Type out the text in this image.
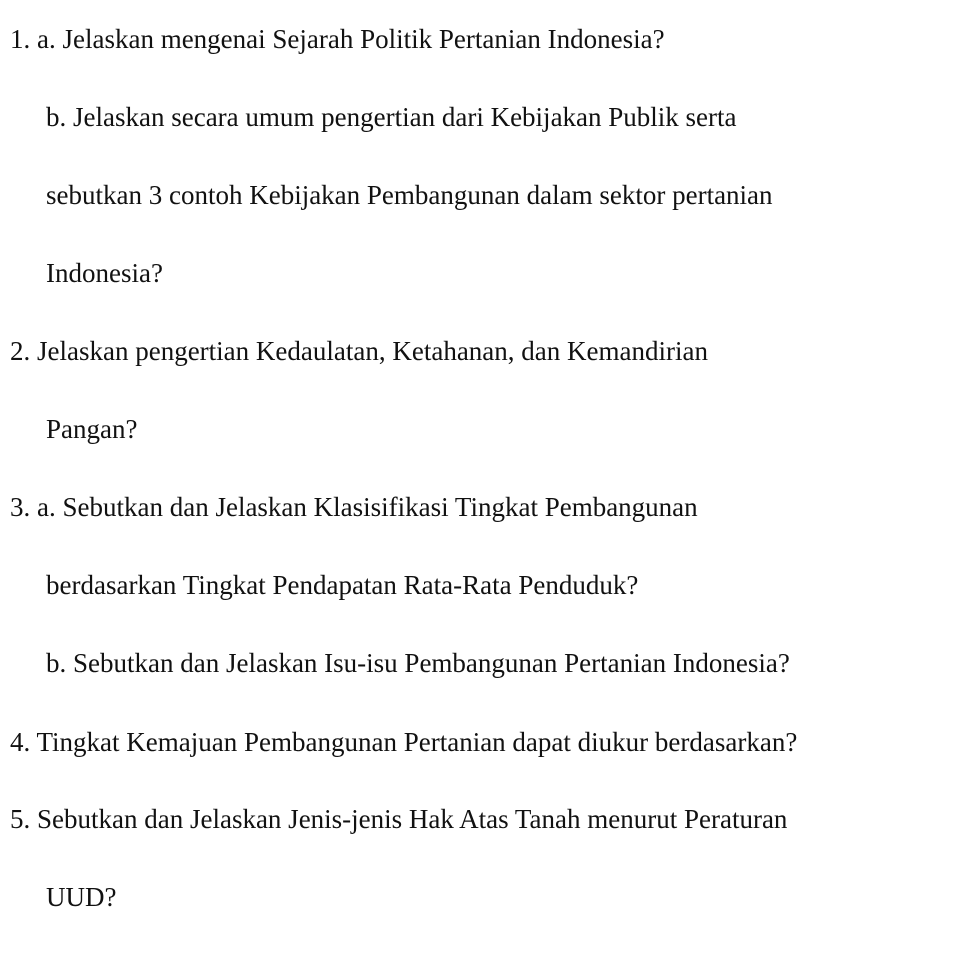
1. a. Jelaskan mengenai Sejarah Politik Pertanian Indonesia?
b. Jelaskan secara umum pengertian dari Kebijakan Publik serta
sebutkan 3 contoh Kebijakan Pembangunan dalam sektor pertanian
Indonesia?
2. Jelaskan pengertian Kedaulatan, Ketahanan, dan Kemandirian
Pangan?
3. a. Sebutkan dan Jelaskan Klasisifikasi Tingkat Pembangunan
berdasarkan Tingkat Pendapatan Rata-Rata Penduduk?
b. Sebutkan dan Jelaskan Isu-isu Pembangunan Pertanian Indonesia?
4. Tingkat Kemajuan Pembangunan Pertanian dapat diukur berdasarkan?
5. Sebutkan dan Jelaskan Jenis-jenis Hak Atas Tanah menurut Peraturan
UUD?
